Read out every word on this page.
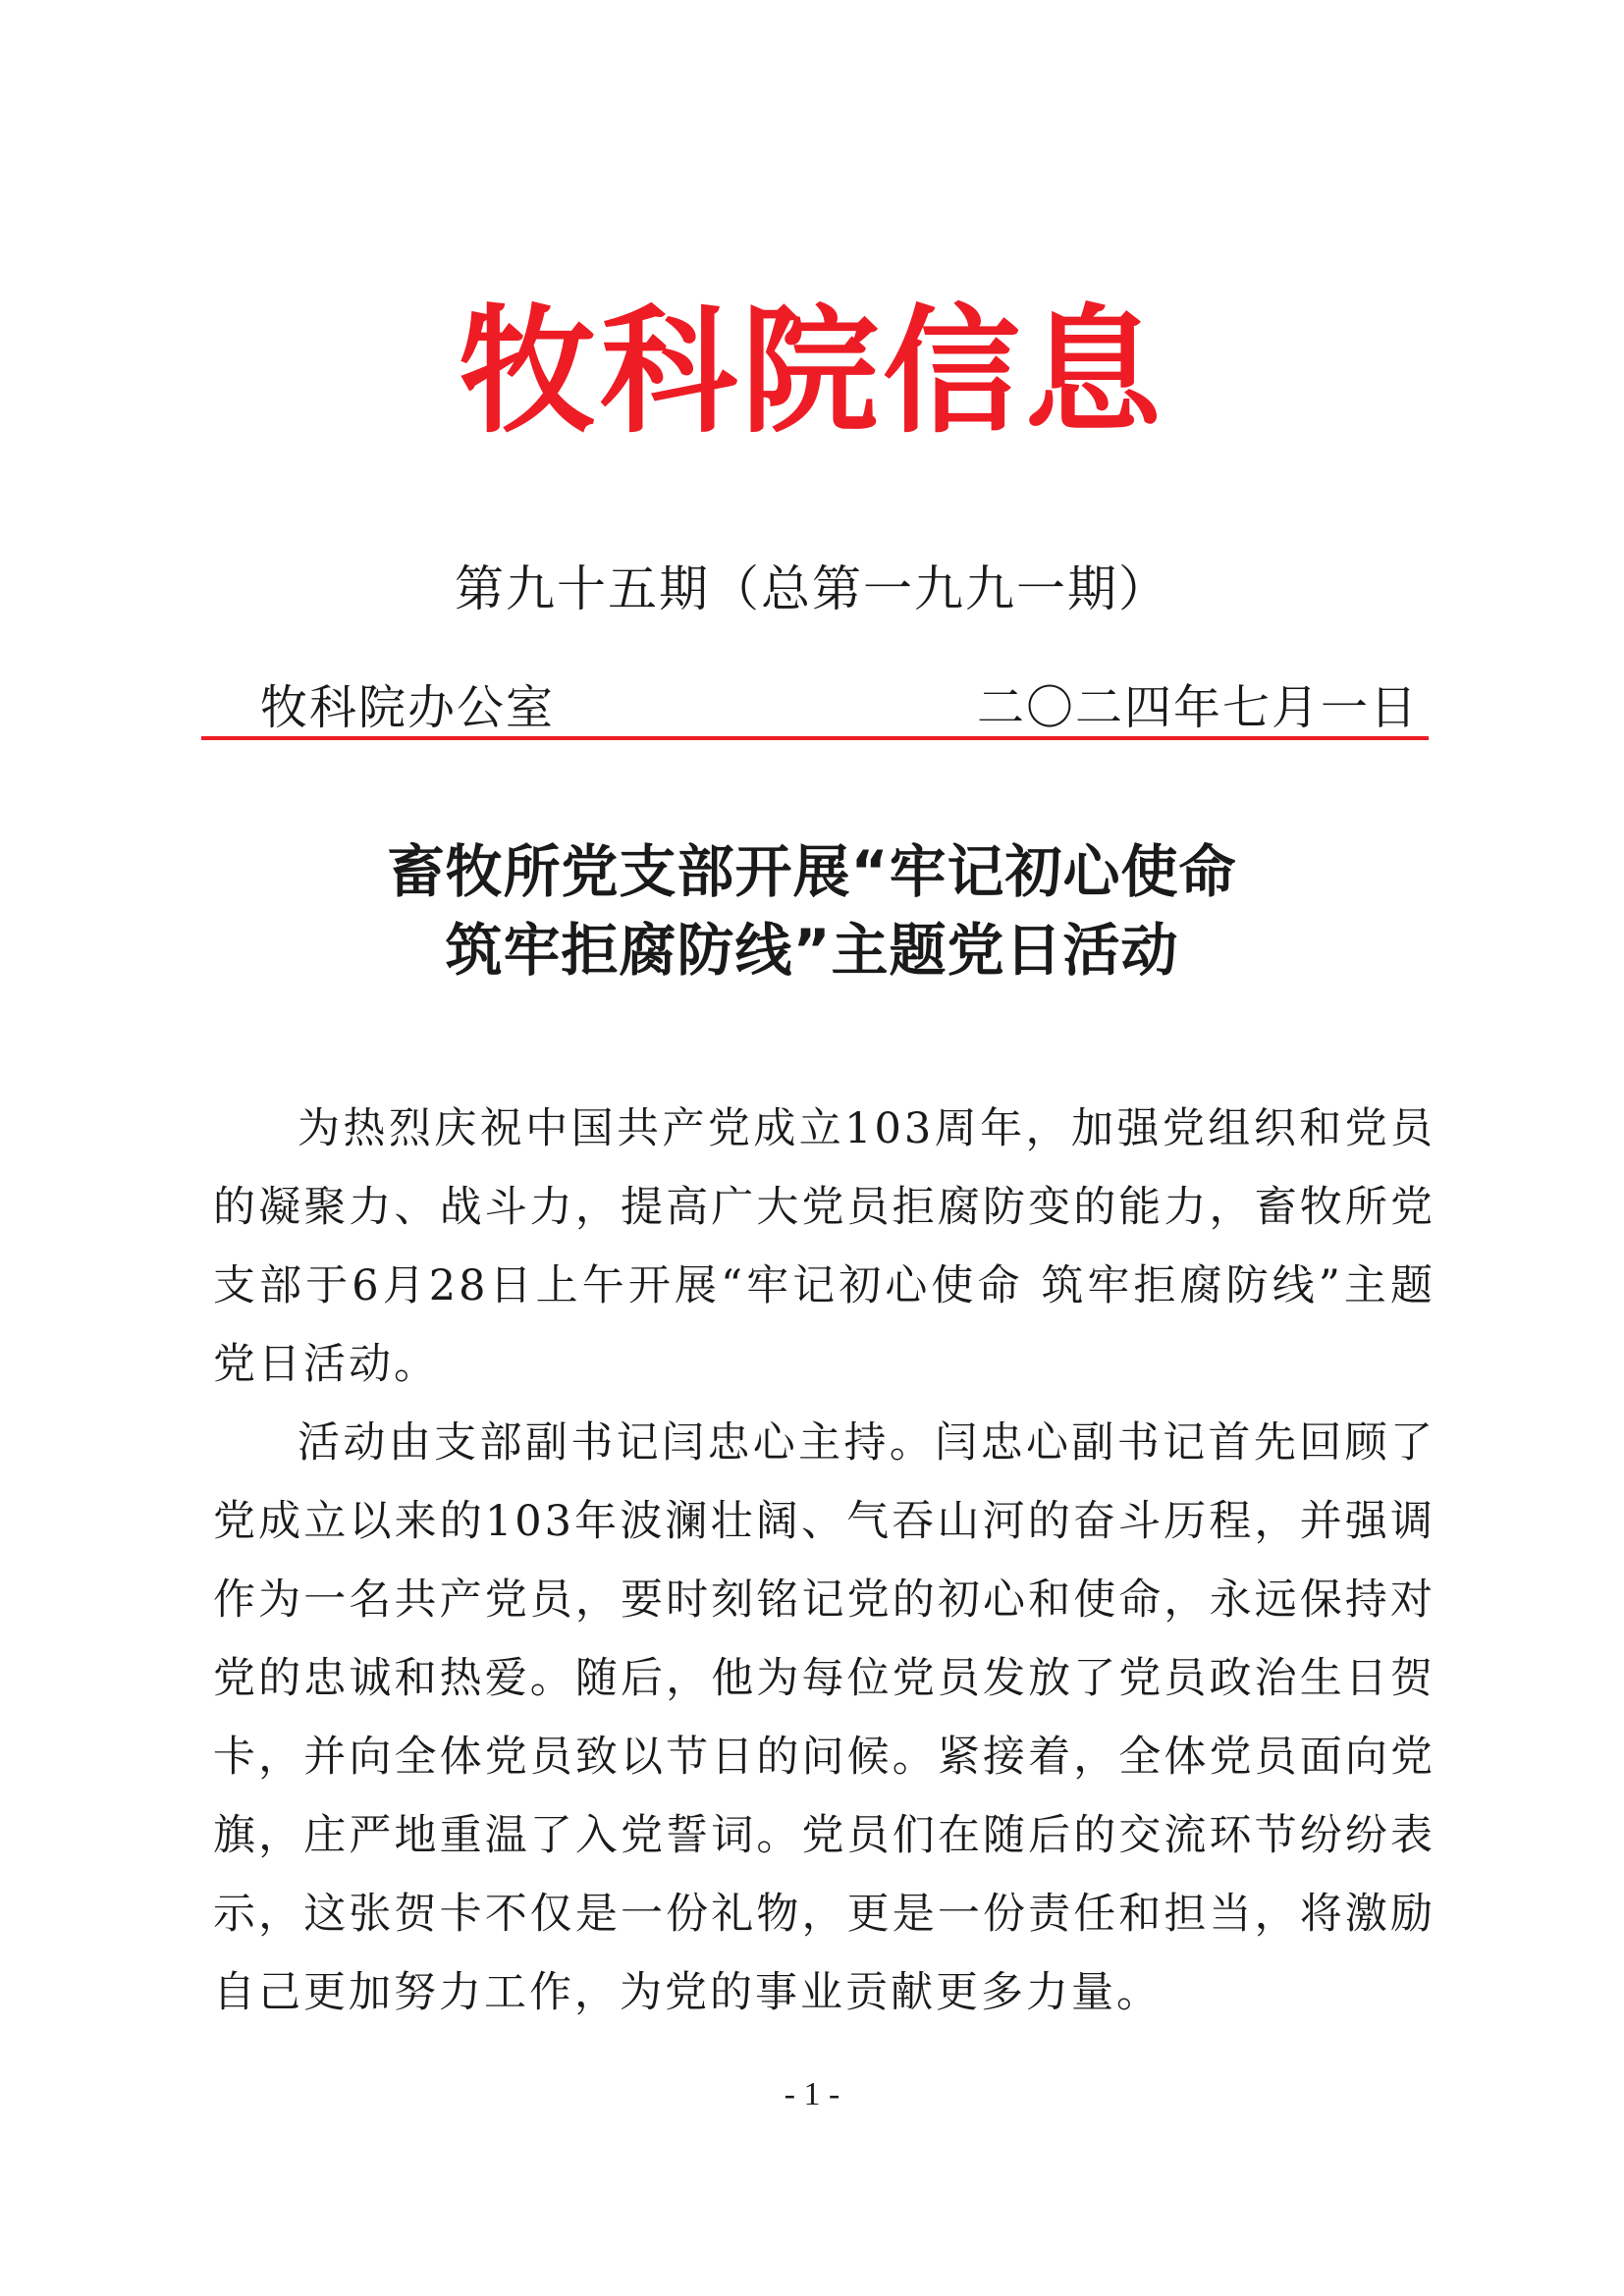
牧科院信息
第九十五期（总第一九九一期）
牧科院办公室	二〇二四年七月一日
畜牧所党支部开展“牢记初心使命
筑牢拒腐防线”主题党日活动

为热烈庆祝中国共产党成立103周年，加强党组织和党员的凝聚力、战斗力，提高广大党员拒腐防变的能力，畜牧所党支部于6月28日上午开展“牢记初心使命 筑牢拒腐防线”主题党日活动。

活动由支部副书记闫忠心主持。闫忠心副书记首先回顾了党成立以来的103年波澜壮阔、气吞山河的奋斗历程，并强调作为一名共产党员，要时刻铭记党的初心和使命，永远保持对党的忠诚和热爱。随后，他为每位党员发放了党员政治生日贺卡，并向全体党员致以节日的问候。紧接着，全体党员面向党旗，庄严地重温了入党誓词。党员们在随后的交流环节纷纷表示，这张贺卡不仅是一份礼物，更是一份责任和担当，将激励自己更加努力工作，为党的事业贡献更多力量。

- 1 -
